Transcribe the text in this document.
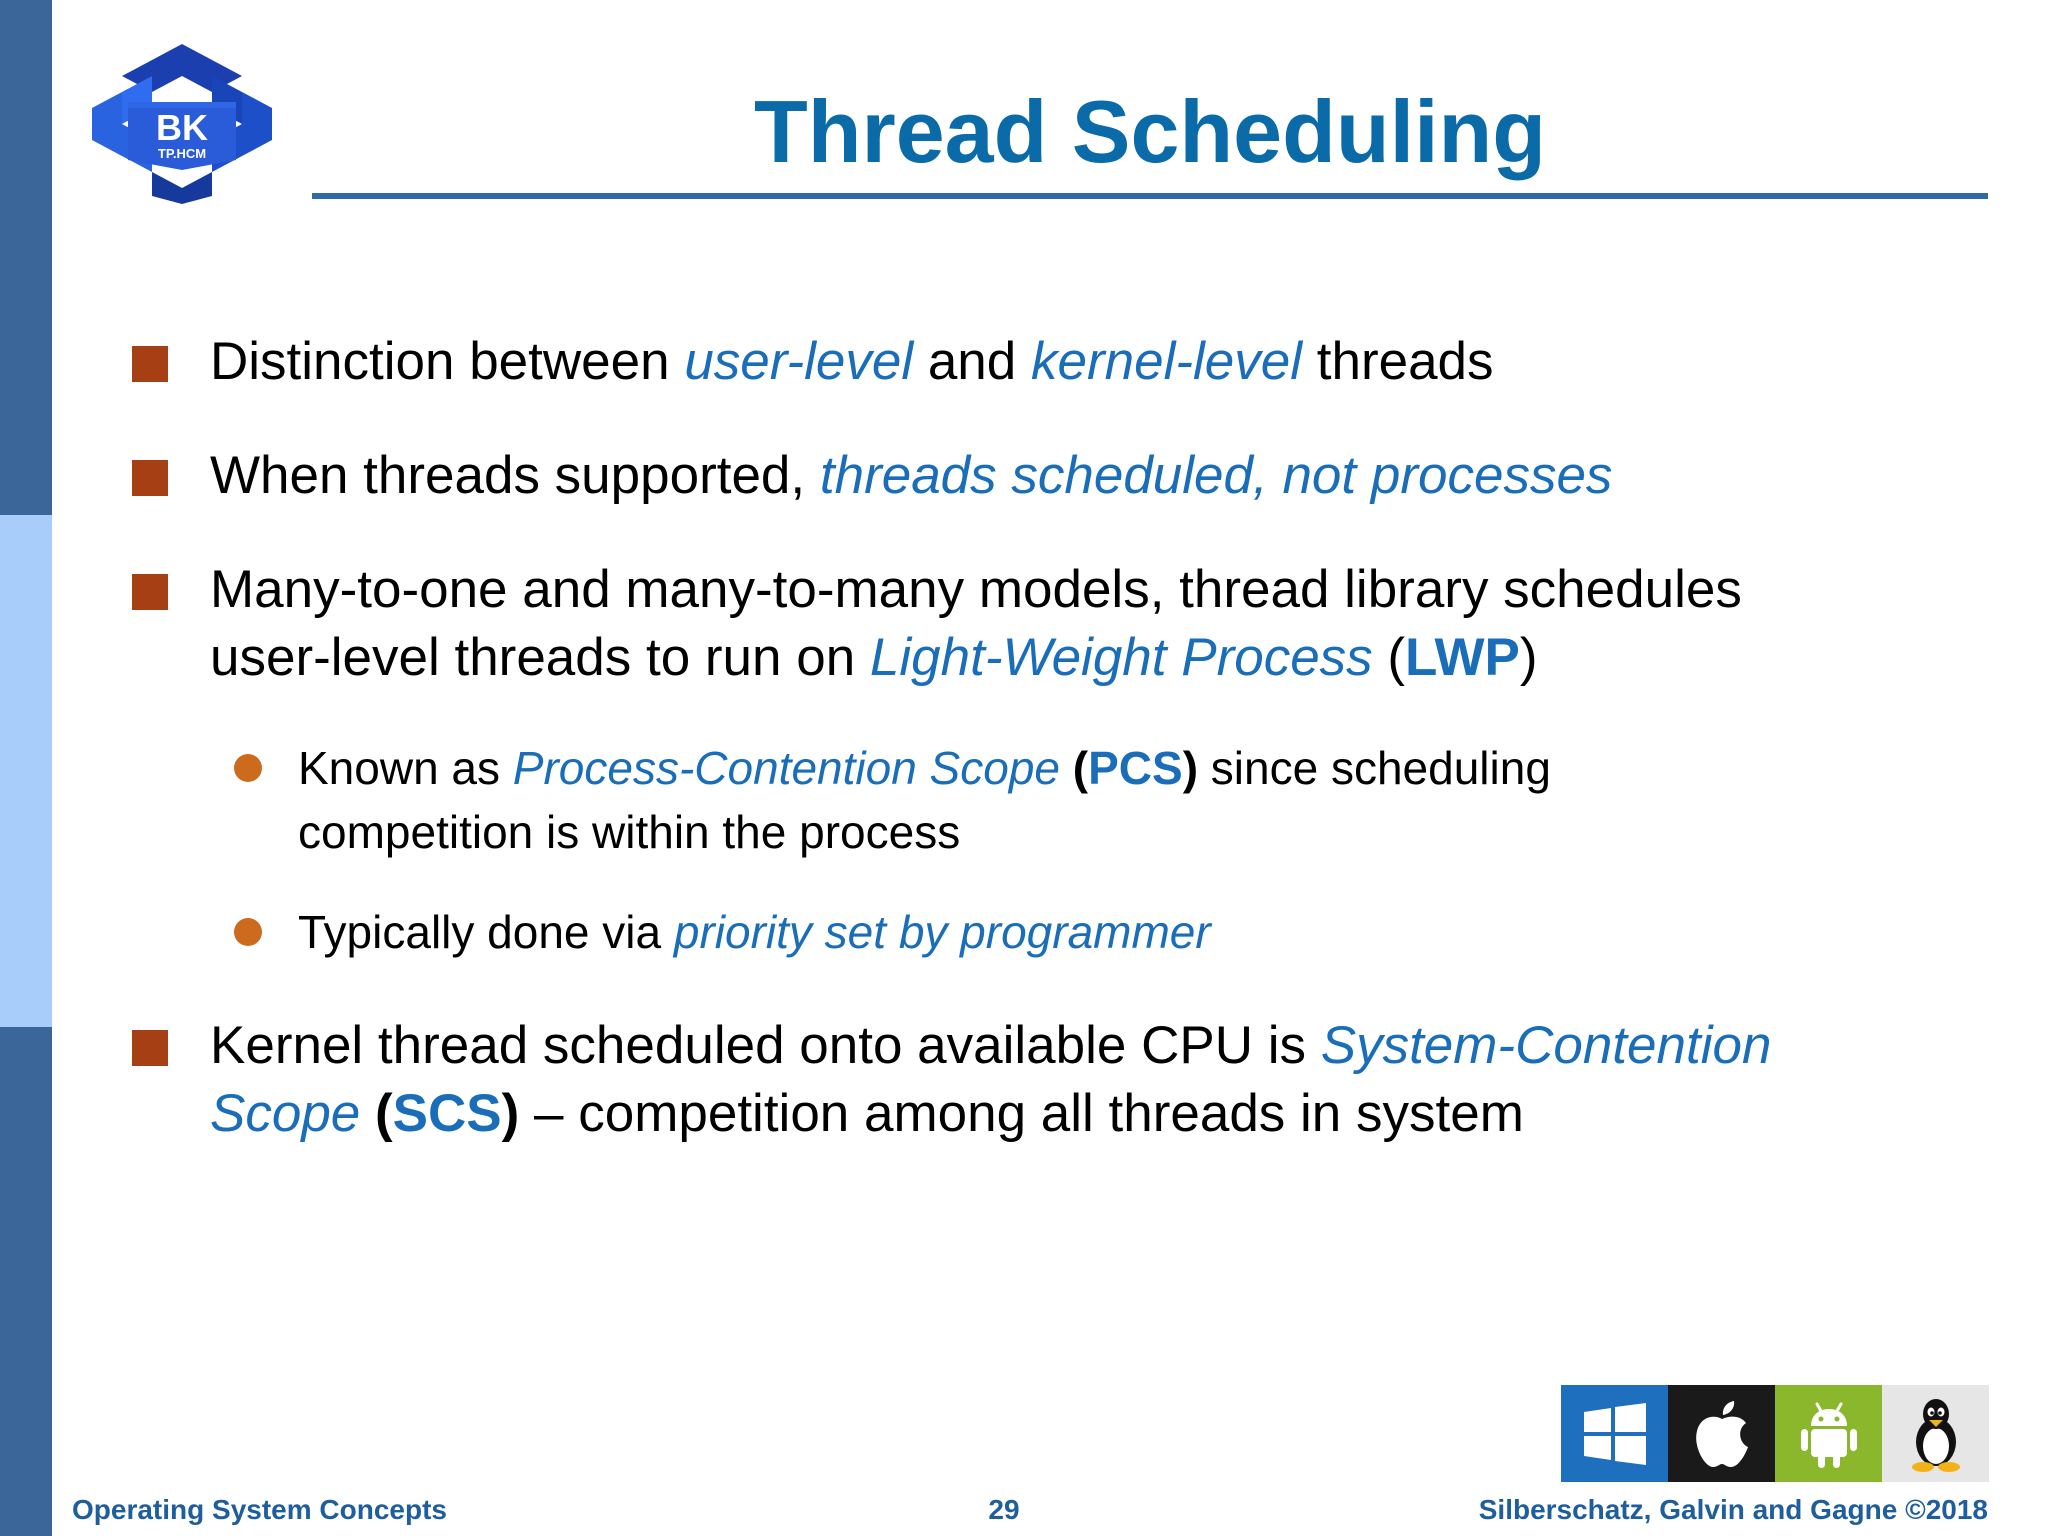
BK
TP.HCM	Thread Scheduling
Distinction between user-level and kernel-level threads
When threads supported, threads scheduled, not processes
Many-to-one and many-to-many models, thread library schedules
user-level threads to run on Light-Weight Process (LWP)
Known as Process-Contention Scope (PCS) since scheduling
competition is within the process
Typically done via priority set by programmer
Kernel thread scheduled onto available CPU is System-Contention
Scope (SCS) – competition among all threads in system
Operating System Concepts	29	Silberschatz, Galvin and Gagne ©2018
